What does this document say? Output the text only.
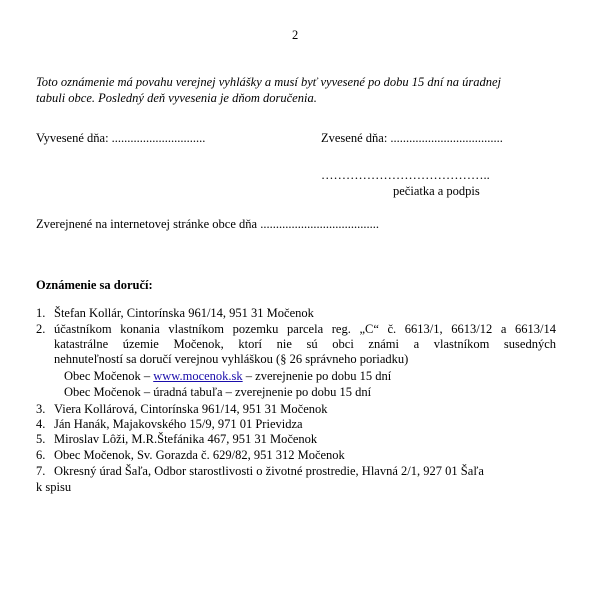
2
Toto oznámenie má povahu verejnej vyhlášky a musí byť vyvesené po dobu 15 dní na úradnej
tabuli obce. Posledný deň vyvesenia je dňom doručenia.
Vyvesené dňa: ..............................	Zvesené dňa: ....................................
…………………………………..
pečiatka a podpis
Zverejnené na internetovej stránke obce dňa ......................................
Oznámenie sa doručí:
1. Štefan Kollár, Cintorínska 961/14, 951 31 Močenok
2. účastníkom konania vlastníkom pozemku parcela reg. „C“ č. 6613/1, 6613/12 a 6613/14
katastrálne územie Močenok, ktorí nie sú obci známi a vlastníkom susedných
nehnuteľností sa doručí verejnou vyhláškou (§ 26 správneho poriadku)
Obec Močenok – www.mocenok.sk – zverejnenie po dobu 15 dní
Obec Močenok – úradná tabuľa – zverejnenie po dobu 15 dní
3. Viera Kollárová, Cintorínska 961/14, 951 31 Močenok
4. Ján Hanák, Majakovského 15/9, 971 01 Prievidza
5. Miroslav Lôži, M.R.Štefánika 467, 951 31 Močenok
6. Obec Močenok, Sv. Gorazda č. 629/82, 951 312 Močenok
7. Okresný úrad Šaľa, Odbor starostlivosti o životné prostredie, Hlavná 2/1, 927 01 Šaľa
k spisu
